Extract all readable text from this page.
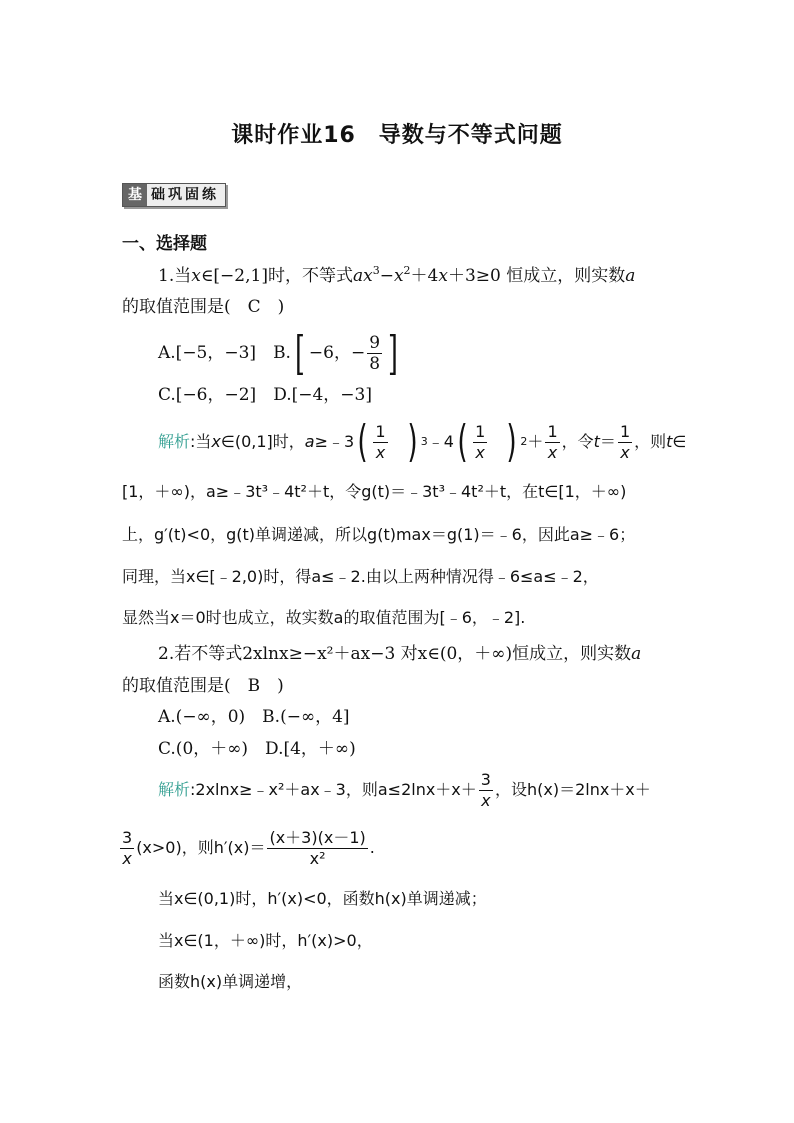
课时作业16　导数与不等式问题
基 础巩固练
一、选择题
1.当x∈[−2,1]时，不等式$ax^3-x^2+4x+3\ge 0$ 恒成立，则实数a
的取值范围是(　C　)
A.[−5，−3]　B. [ −6，− $\frac{9}{8}$ ]
C.[−6，−2]　D.[−4，−3]
解析 :当 x ∈(0,1]时， a ≥﹣3 ( $\frac{1}{x}$ ) 3 ﹣4 ( $\frac{1}{x}$ ) $2 + \frac{1}{x}$ ，令 $t = \frac{1}{x}$ ，则 t ∈
[1，＋∞)，a≥﹣3t³﹣4t²＋t，令g(t)＝﹣3t³﹣4t²＋t，在t∈[1，＋∞)
上，g′(t)<0，g(t)单调递减，所以g(t)max＝g(1)＝﹣6，因此a≥﹣6；
同理，当x∈[﹣2,0)时，得a≤﹣2.由以上两种情况得﹣6≤a≤﹣2，
显然当x＝0时也成立，故实数a的取值范围为[﹣6，﹣2].
2.若不等式2xlnx≥−x²＋ax−3 对x∈(0，＋∞)恒成立，则实数a
的取值范围是(　B　)
A.(−∞，0)　B.(−∞，4]
C.(0，＋∞)　D.[4，＋∞)
解析 :2xlnx≥﹣x²＋ax﹣3，则$a\le 2\ln x+x+ \frac{3}{x}$ ，设h(x)＝2lnx＋x＋
$\frac{3}{x} (x>0)$，则$h'(x)= \frac{(x+3)(x-1)}{\text{x²}}$ .
当x∈(0,1)时，h′(x)<0，函数h(x)单调递减；
当x∈(1，＋∞)时，h′(x)>0，
函数h(x)单调递增，
